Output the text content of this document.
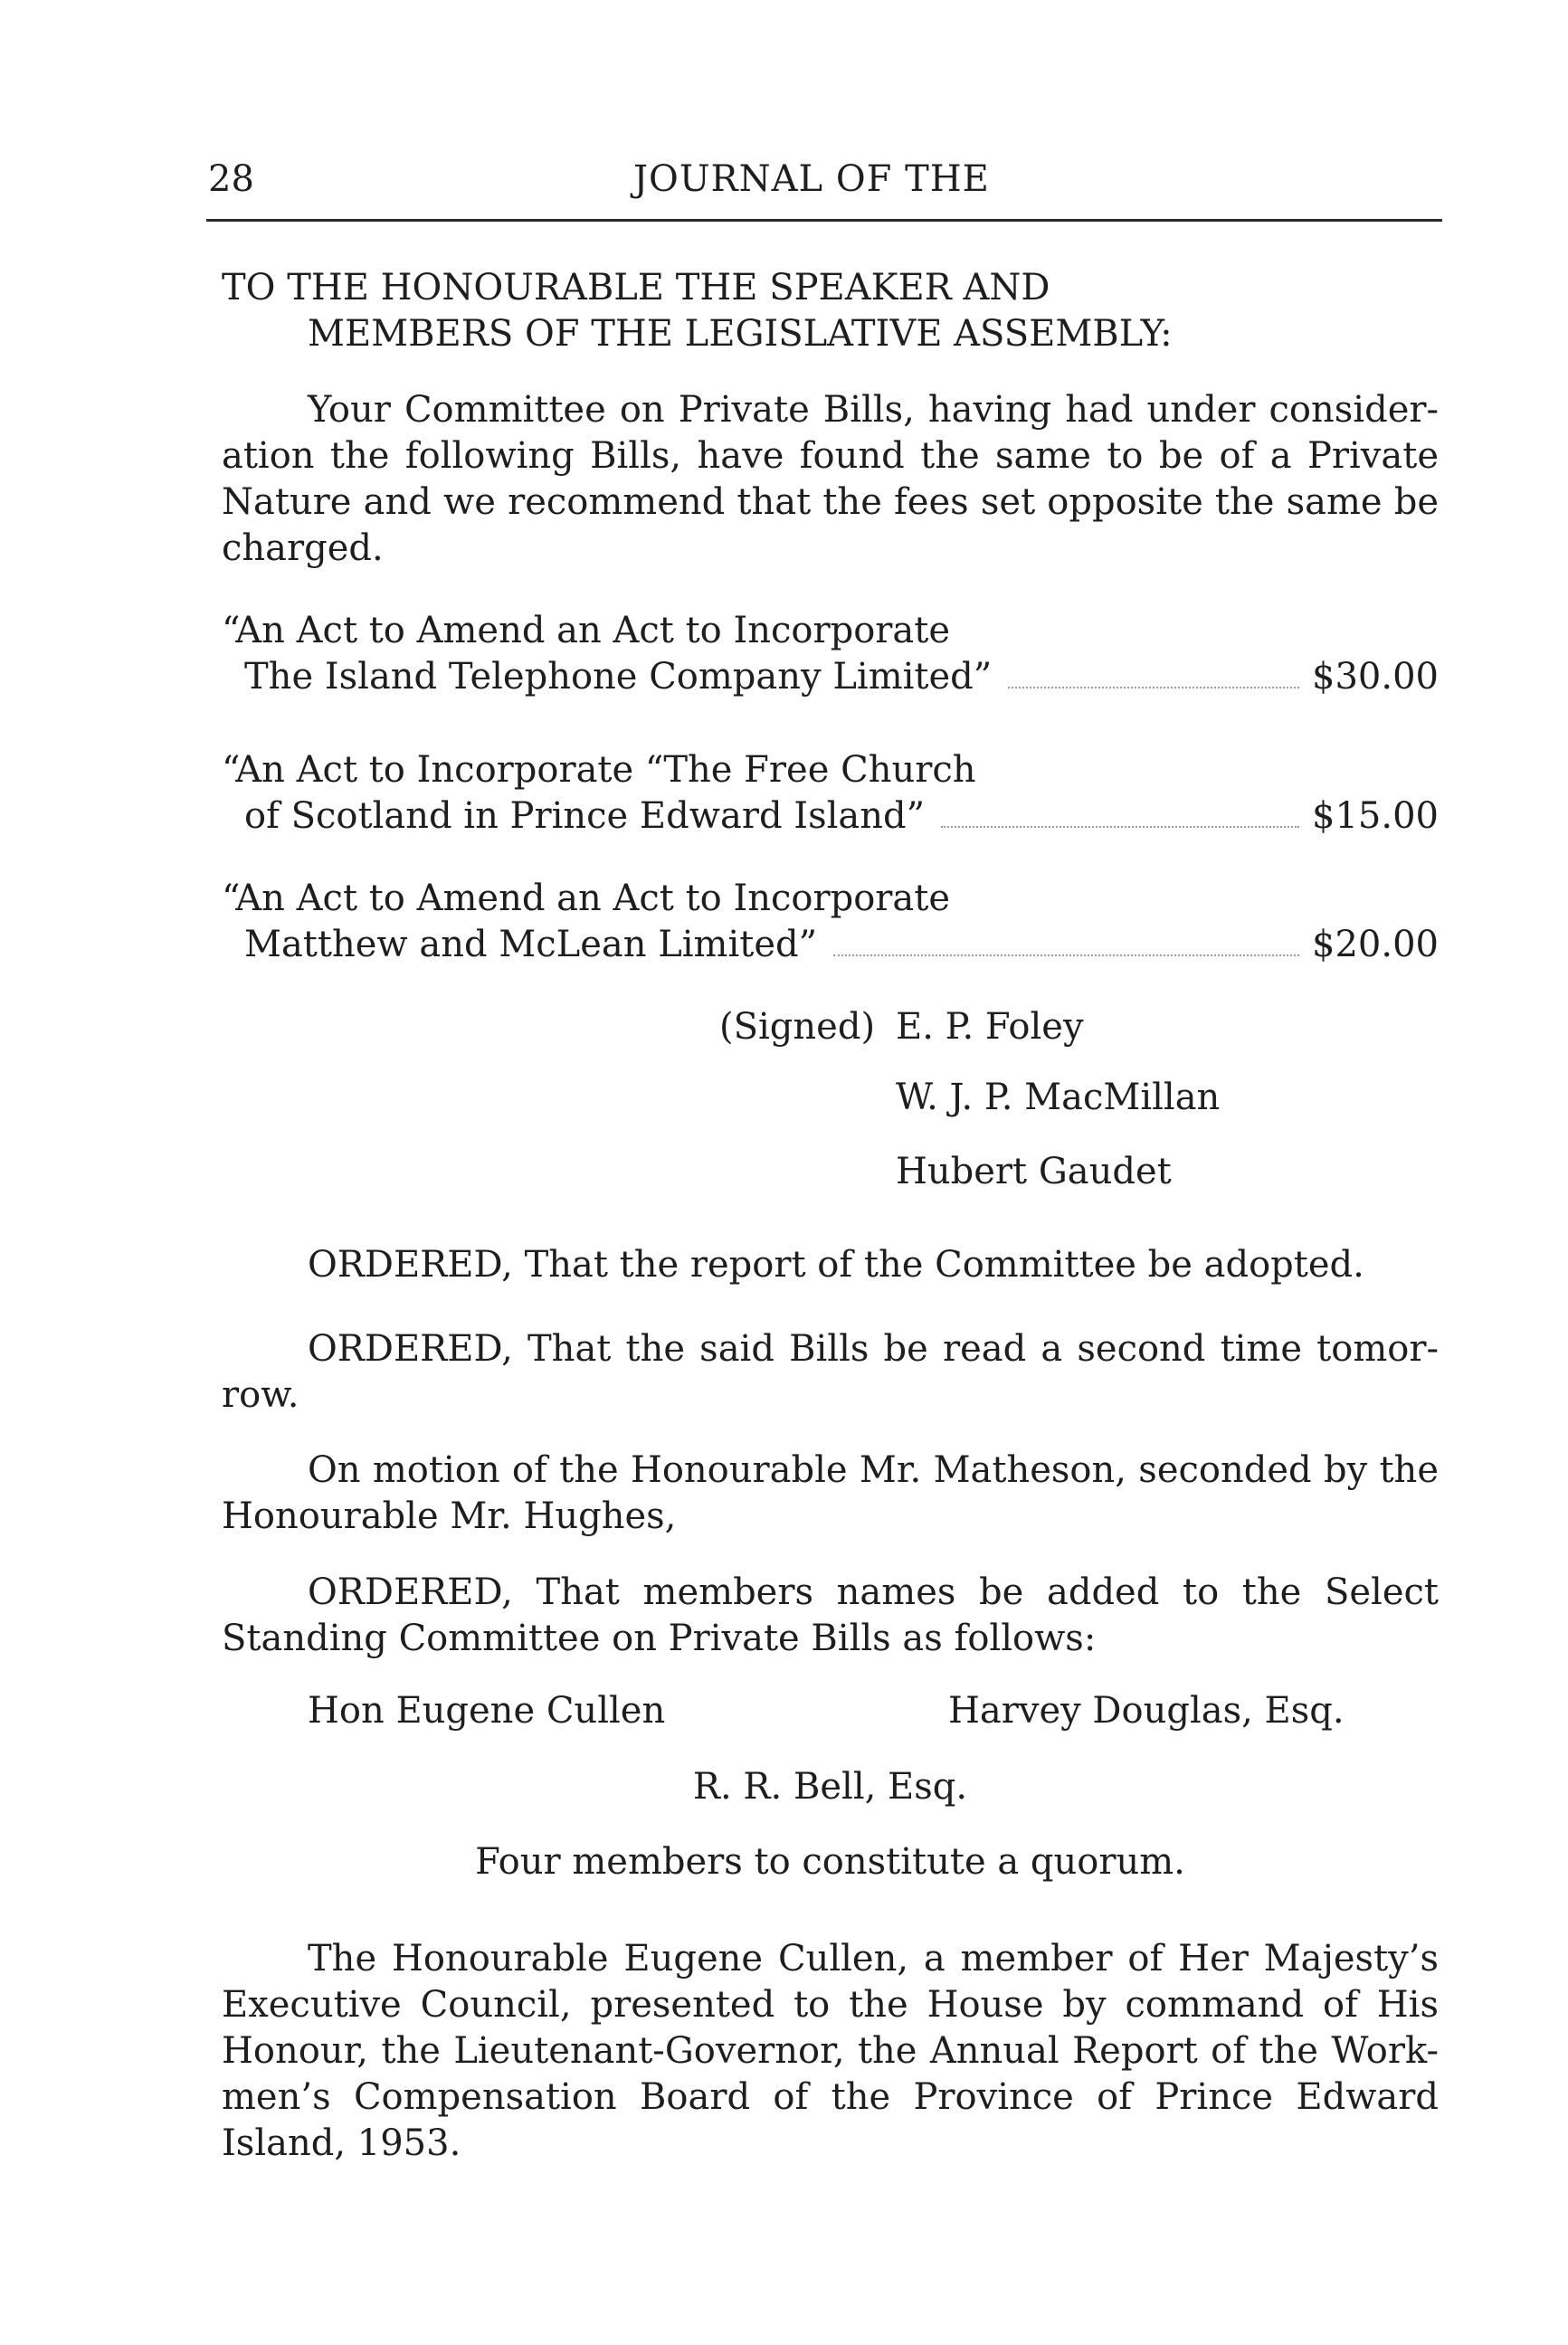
28	JOURNAL OF THE
TO THE HONOURABLE THE SPEAKER AND
MEMBERS OF THE LEGISLATIVE ASSEMBLY:
Your Committee on Private Bills, having had under consider-
ation the following Bills, have found the same to be of a Private
Nature and we recommend that the fees set opposite the same be
charged.
“An Act to Amend an Act to Incorporate
The Island Telephone Company Limited”	$30.00
“An Act to Incorporate “The Free Church
of Scotland in Prince Edward Island”	$15.00
“An Act to Amend an Act to Incorporate
Matthew and McLean Limited”	$20.00
(Signed) E. P. Foley
W. J. P. MacMillan
Hubert Gaudet
ORDERED, That the report of the Committee be adopted.
ORDERED, That the said Bills be read a second time tomor-
row.
On motion of the Honourable Mr. Matheson, seconded by the
Honourable Mr. Hughes,
ORDERED, That members names be added to the Select
Standing Committee on Private Bills as follows:
Hon Eugene Cullen	Harvey Douglas, Esq.
R. R. Bell, Esq.
Four members to constitute a quorum.
The Honourable Eugene Cullen, a member of Her Majesty’s
Executive Council, presented to the House by command of His
Honour, the Lieutenant-Governor, the Annual Report of the Work-
men’s Compensation Board of the Province of Prince Edward
Island, 1953.
